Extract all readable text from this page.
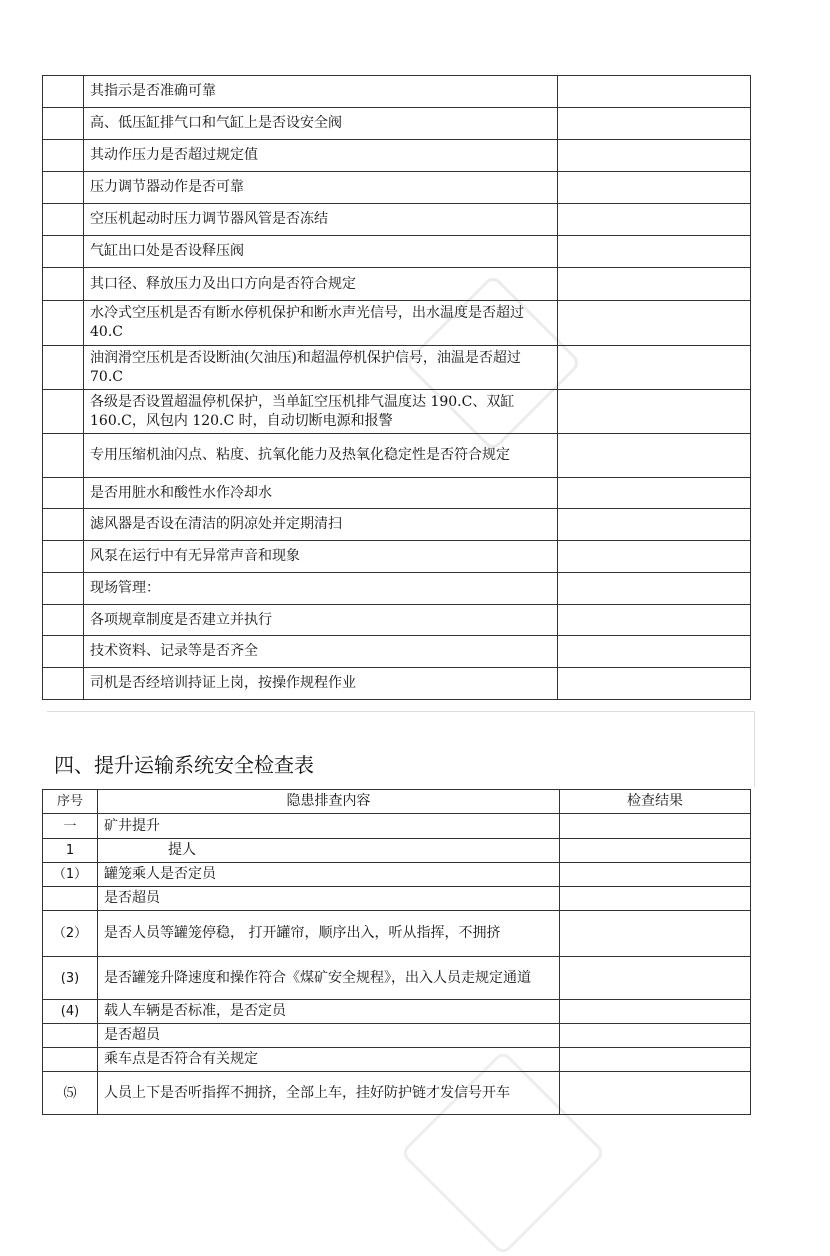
	其指示是否准确可靠	
	高、低压缸排气口和气缸上是否设安全阀	
	其动作压力是否超过规定值	
	压力调节器动作是否可靠	
	空压机起动时压力调节器风管是否冻结	
	气缸出口处是否设释压阀	
	其口径、释放压力及出口方向是否符合规定	
	水冷式空压机是否有断水停机保护和断水声光信号，出水温度是否超过 40.C	
	油润滑空压机是否设断油(欠油压)和超温停机保护信号，油温是否超过 70.C	
	各级是否设置超温停机保护，当单缸空压机排气温度达 190.C、双缸 160.C，风包内 120.C 时，自动切断电源和报警	
	专用压缩机油闪点、粘度、抗氧化能力及热氧化稳定性是否符合规定	
	是否用脏水和酸性水作冷却水	
	滤风器是否设在清洁的阴凉处并定期清扫	
	风泵在运行中有无异常声音和现象	
	现场管理：	
	各项规章制度是否建立并执行	
	技术资料、记录等是否齐全	
	司机是否经培训持证上岗，按操作规程作业	
四、提升运输系统安全检查表
序号	隐患排查内容	检查结果
一	矿井提升	
1	提人	
（1）	罐笼乘人是否定员	
	是否超员	
（2）	是否人员等罐笼停稳， 打开罐帘，顺序出入，听从指挥，不拥挤	
(3)	是否罐笼升降速度和操作符合《煤矿安全规程》，出入人员走规定通道	
(4)	载人车辆是否标准，是否定员	
	是否超员	
	乘车点是否符合有关规定	
⑸	人员上下是否听指挥不拥挤，全部上车，挂好防护链才发信号开车	
